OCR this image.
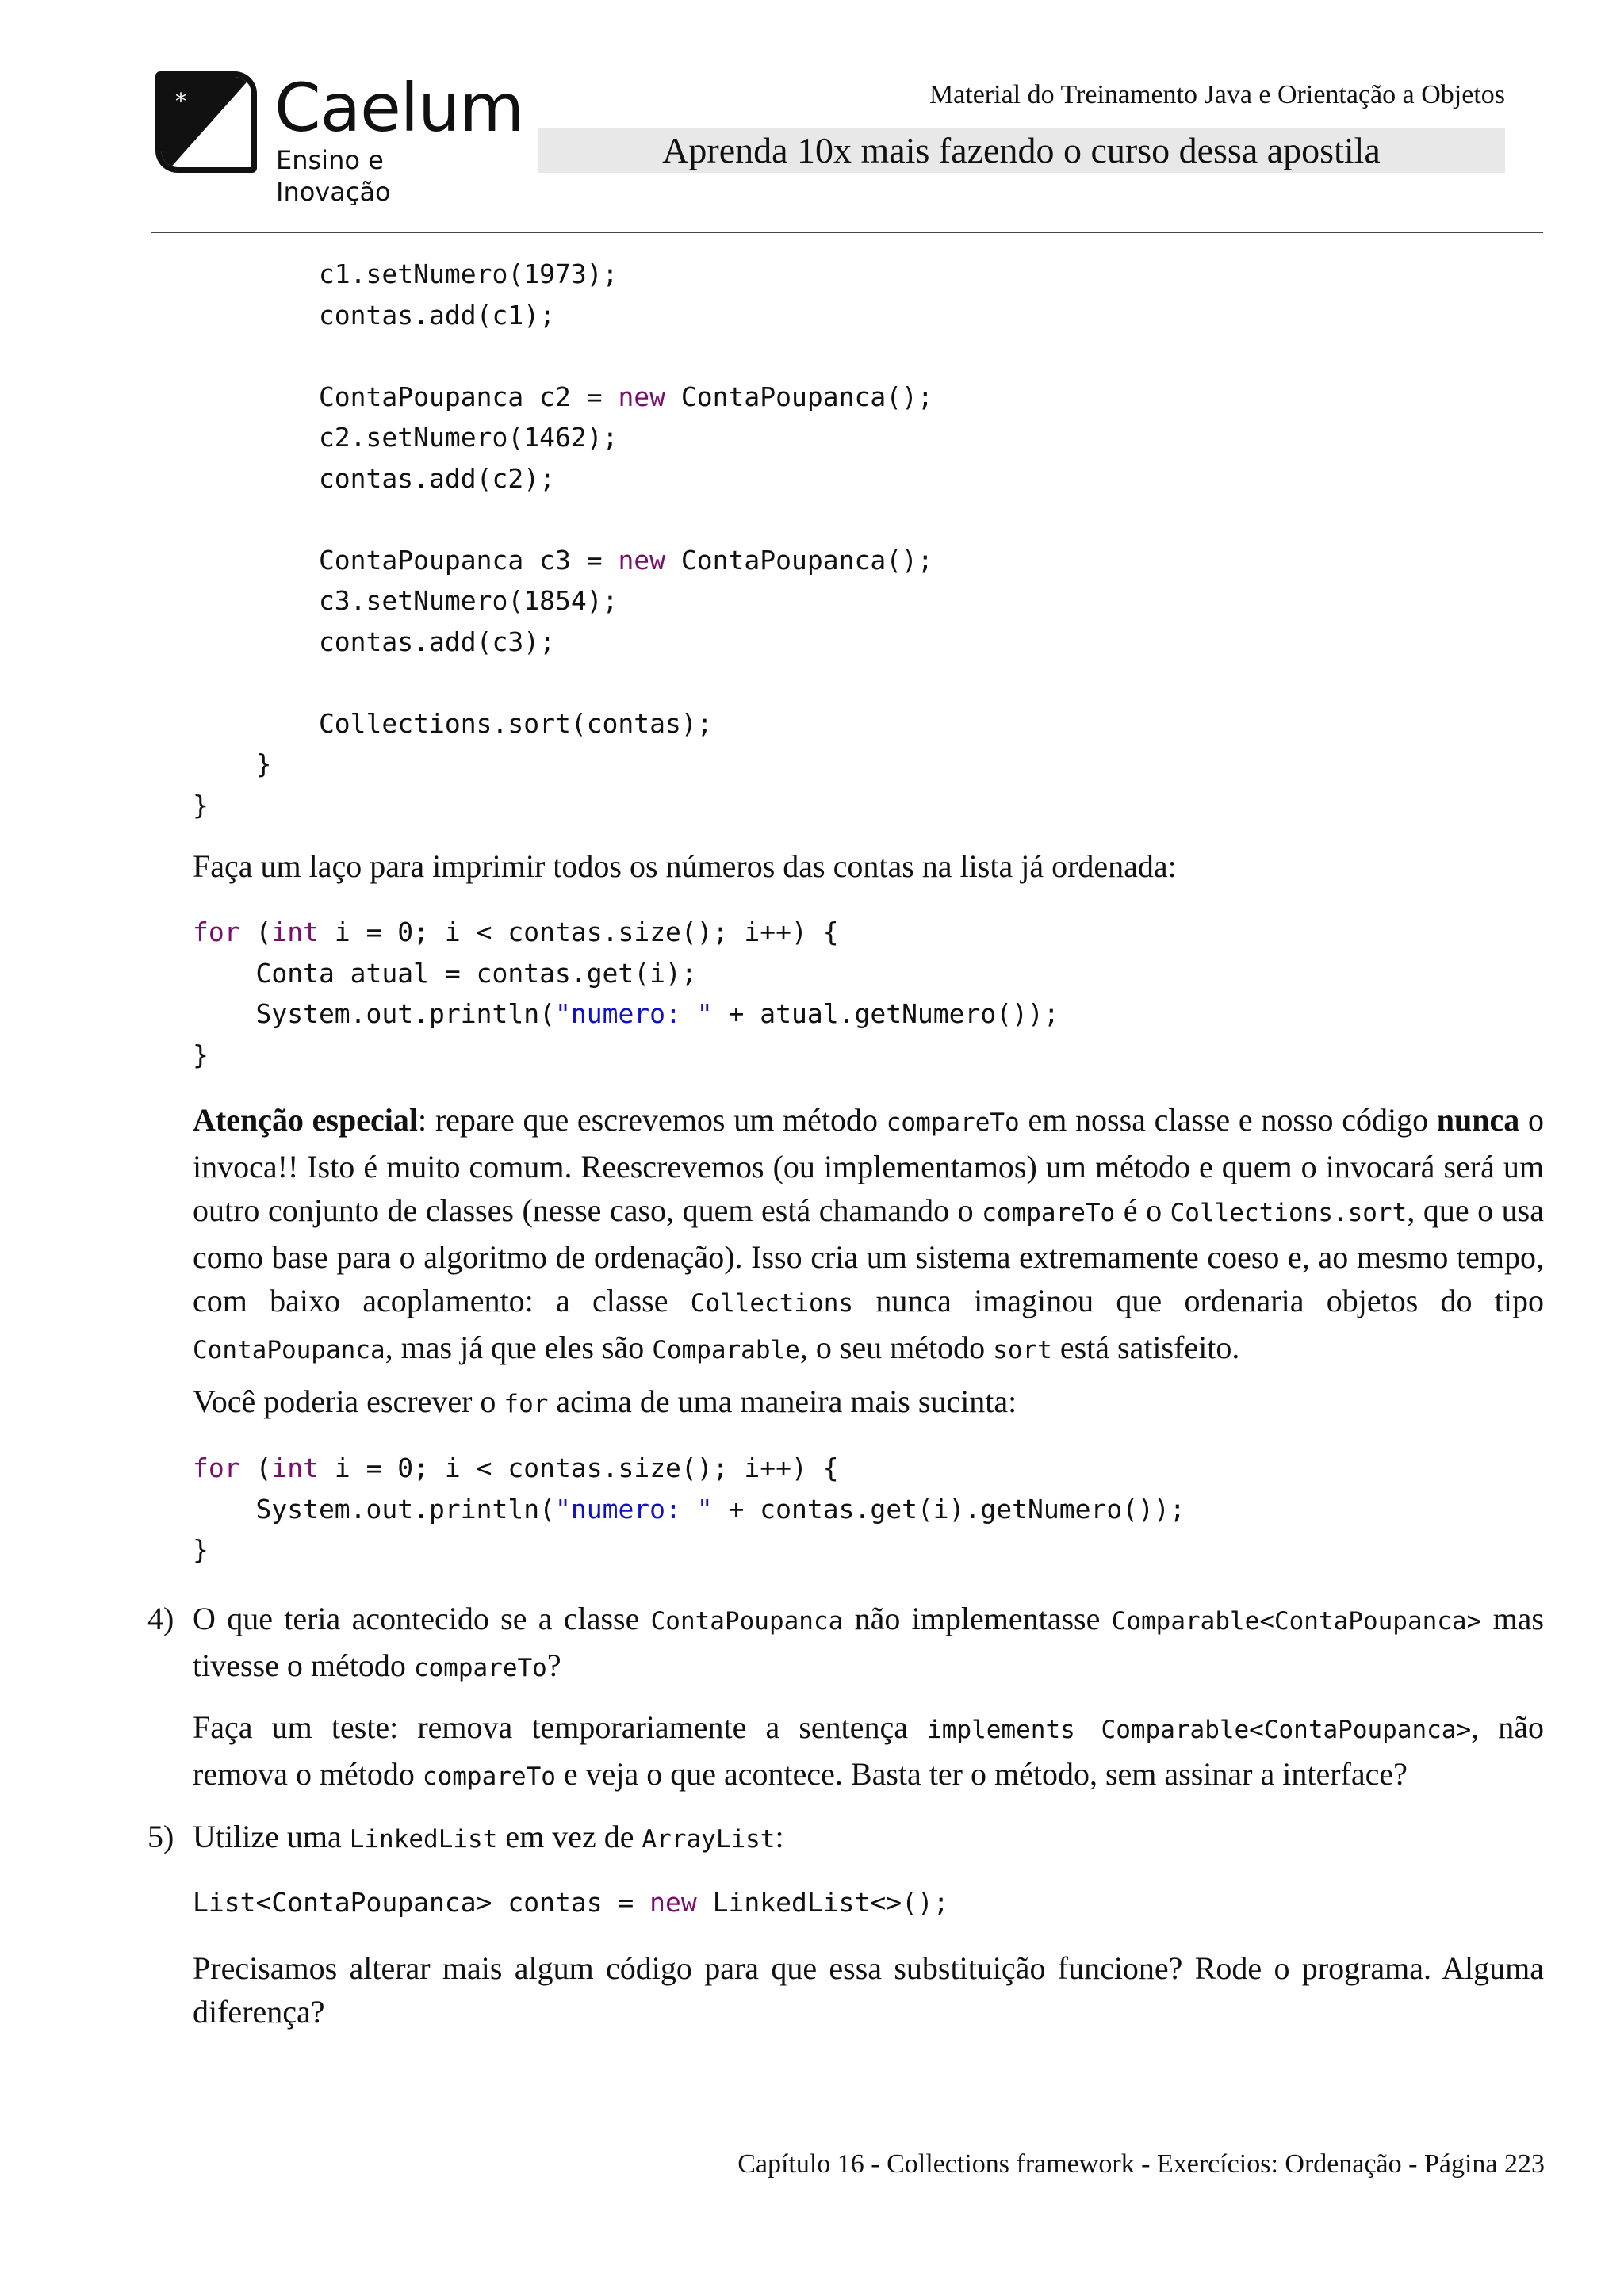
* Caelum
Ensino e Inovação
Material do Treinamento Java e Orientação a Objetos
Aprenda 10x mais fazendo o curso dessa apostila
c1.setNumero(1973);
contas.add(c1);
ContaPoupanca c2 = new ContaPoupanca();
c2.setNumero(1462);
contas.add(c2);
ContaPoupanca c3 = new ContaPoupanca();
c3.setNumero(1854);
contas.add(c3);
Collections.sort(contas);
}
}
Faça um laço para imprimir todos os números das contas na lista já ordenada:
for (int i = 0; i < contas.size(); i++) {
Conta atual = contas.get(i);
System.out.println("numero: " + atual.getNumero());
}
Atenção especial: repare que escrevemos um método compareTo em nossa classe e nosso código nunca o invoca!! Isto é muito comum. Reescrevemos (ou implementamos) um método e quem o invocará será um outro conjunto de classes (nesse caso, quem está chamando o compareTo é o Collections.sort, que o usa como base para o algoritmo de ordenação). Isso cria um sistema extremamente coeso e, ao mesmo tempo, com baixo acoplamento: a classe Collections nunca imaginou que ordenaria objetos do tipo ContaPoupanca, mas já que eles são Comparable, o seu método sort está satisfeito.
Você poderia escrever o for acima de uma maneira mais sucinta:
for (int i = 0; i < contas.size(); i++) {
System.out.println("numero: " + contas.get(i).getNumero());
}
4) O que teria acontecido se a classe ContaPoupanca não implementasse Comparable<ContaPoupanca> mas tivesse o método compareTo?
Faça um teste: remova temporariamente a sentença implements Comparable<ContaPoupanca>, não remova o método compareTo e veja o que acontece. Basta ter o método, sem assinar a interface?
5) Utilize uma LinkedList em vez de ArrayList:
List<ContaPoupanca> contas = new LinkedList<>();
Precisamos alterar mais algum código para que essa substituição funcione? Rode o programa. Alguma diferença?
Capítulo 16 - Collections framework - Exercícios: Ordenação - Página 223
